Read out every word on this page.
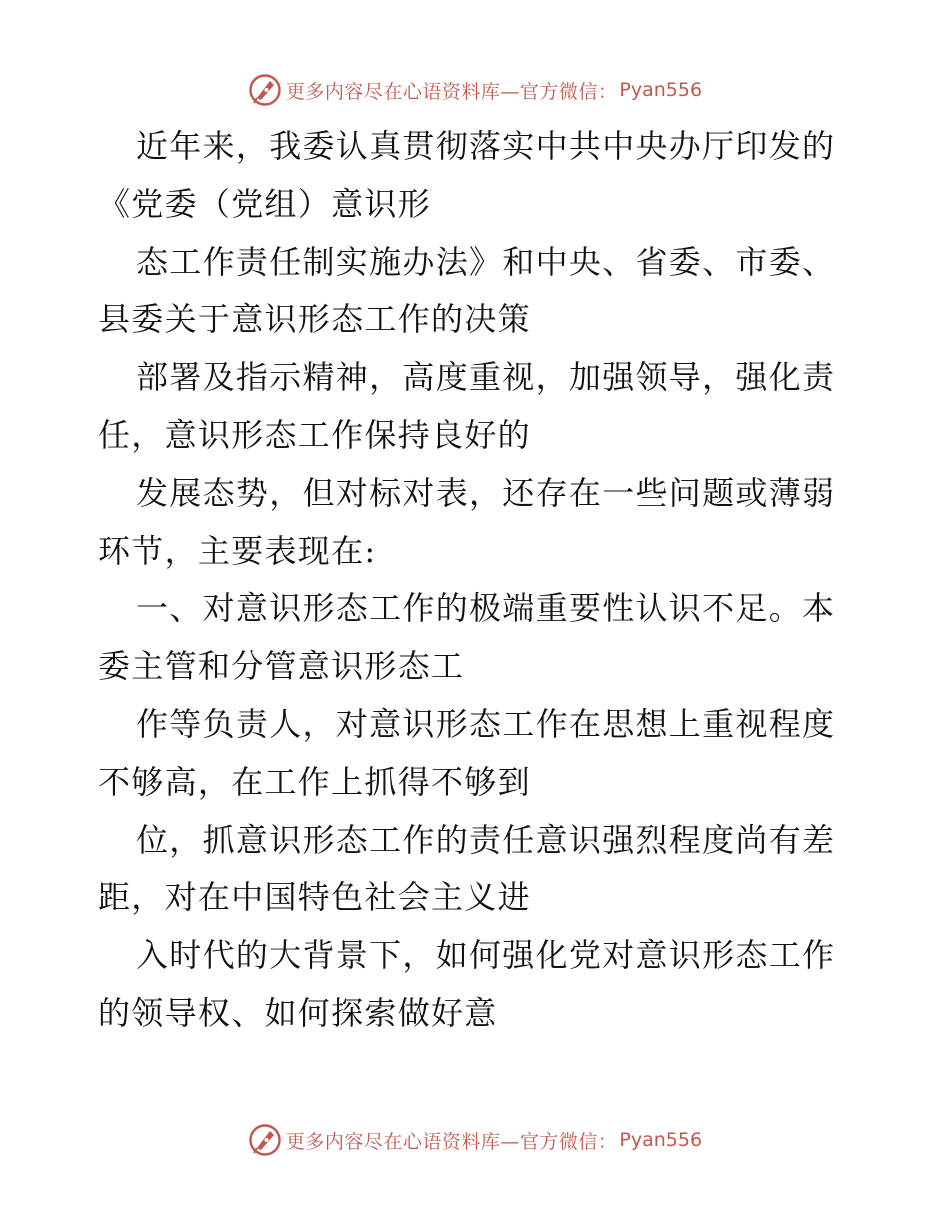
更多内容尽在心语资料库—官方微信： Pyan556
近年来，我委认真贯彻落实中共中央办厅印发的
《党委（党组）意识形
态工作责任制实施办法》和中央、省委、市委、
县委关于意识形态工作的决策
部署及指示精神，高度重视，加强领导，强化责
任，意识形态工作保持良好的
发展态势，但对标对表，还存在一些问题或薄弱
环节，主要表现在:
一、对意识形态工作的极端重要性认识不足。本
委主管和分管意识形态工
作等负责人，对意识形态工作在思想上重视程度
不够高，在工作上抓得不够到
位，抓意识形态工作的责任意识强烈程度尚有差
距，对在中国特色社会主义进
入时代的大背景下，如何强化党对意识形态工作
的领导权、如何探索做好意
更多内容尽在心语资料库—官方微信： Pyan556
